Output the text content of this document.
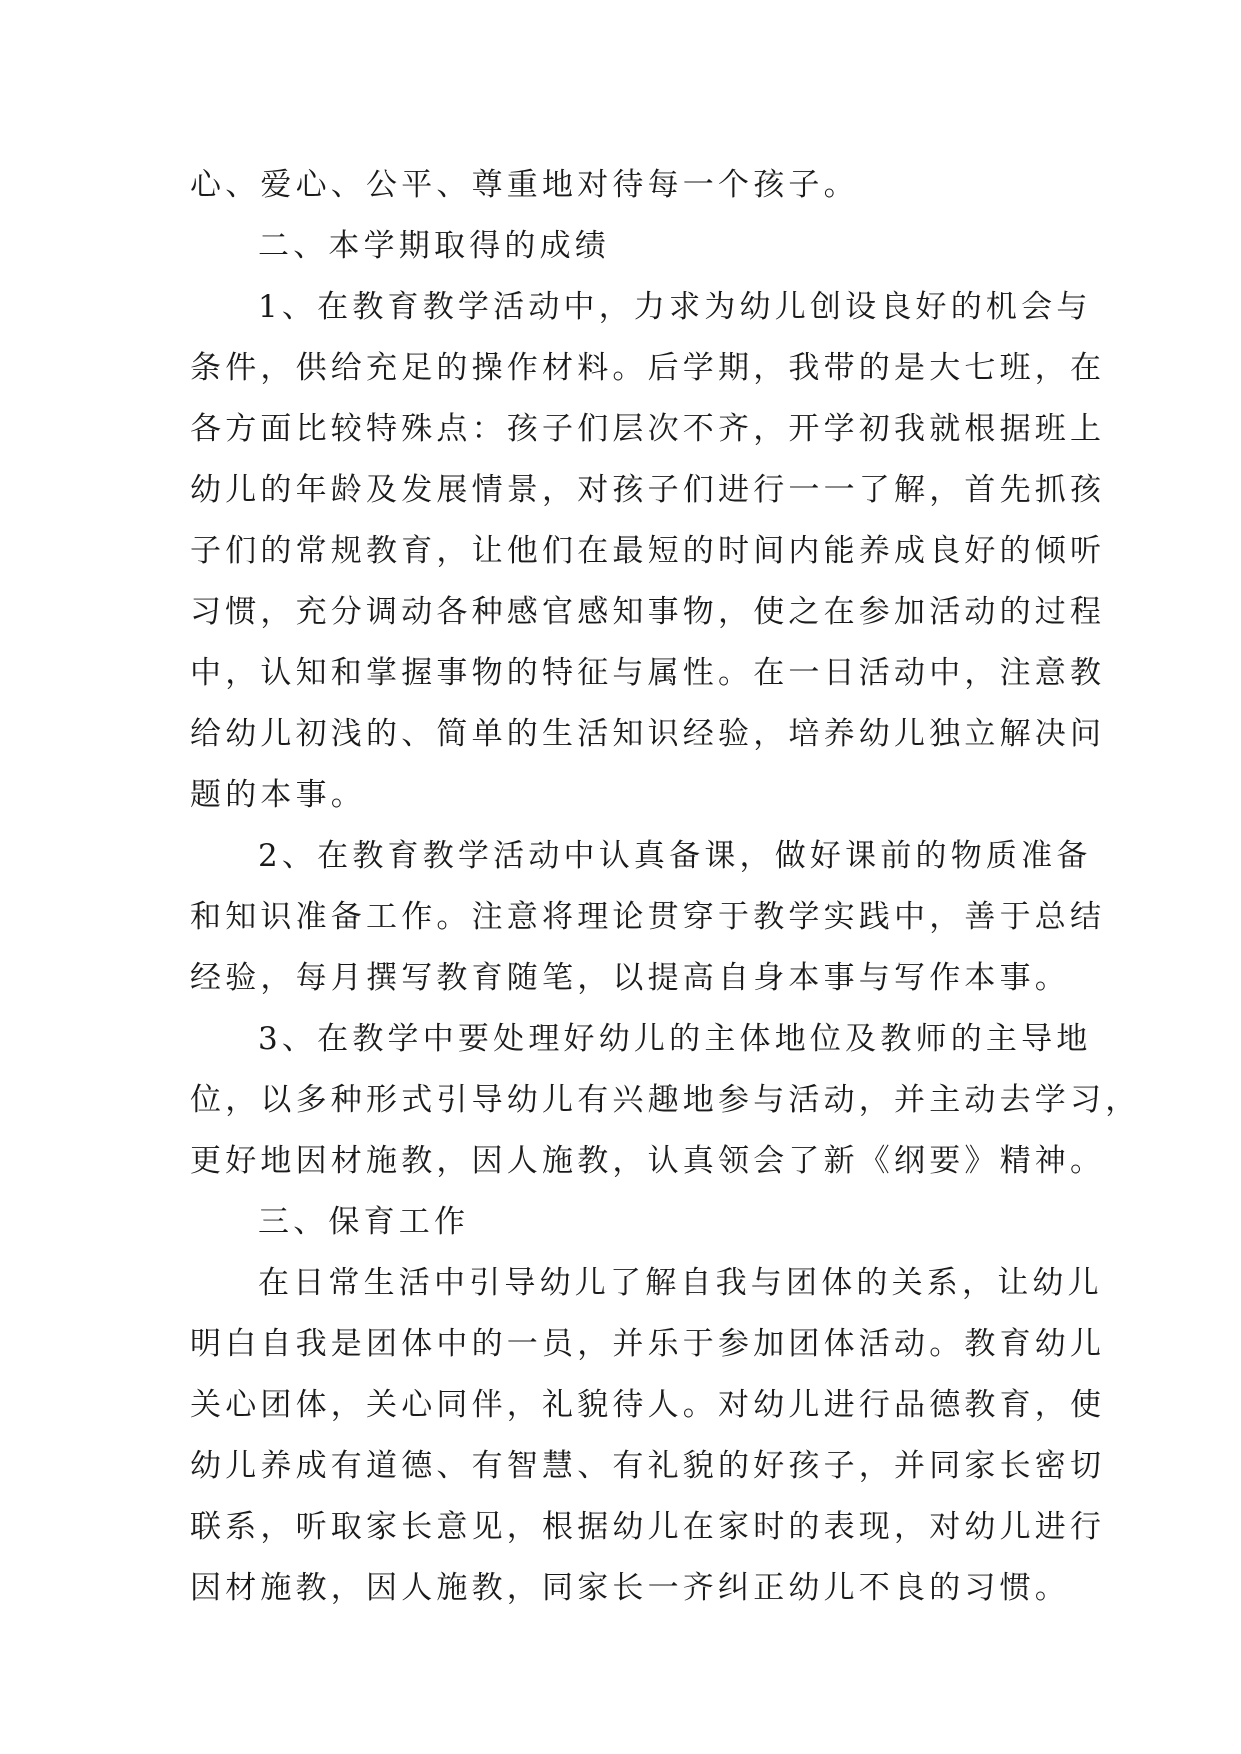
心、爱心、公平、尊重地对待每一个孩子。
二、本学期取得的成绩
1、在教育教学活动中，力求为幼儿创设良好的机会与
条件，供给充足的操作材料。后学期，我带的是大七班，在
各方面比较特殊点：孩子们层次不齐，开学初我就根据班上
幼儿的年龄及发展情景，对孩子们进行一一了解，首先抓孩
子们的常规教育，让他们在最短的时间内能养成良好的倾听
习惯，充分调动各种感官感知事物，使之在参加活动的过程
中，认知和掌握事物的特征与属性。在一日活动中，注意教
给幼儿初浅的、简单的生活知识经验，培养幼儿独立解决问
题的本事。
2、在教育教学活动中认真备课，做好课前的物质准备
和知识准备工作。注意将理论贯穿于教学实践中，善于总结
经验，每月撰写教育随笔，以提高自身本事与写作本事。
3、在教学中要处理好幼儿的主体地位及教师的主导地
位，以多种形式引导幼儿有兴趣地参与活动，并主动去学习，
更好地因材施教，因人施教，认真领会了新《纲要》精神。
三、保育工作
在日常生活中引导幼儿了解自我与团体的关系，让幼儿
明白自我是团体中的一员，并乐于参加团体活动。教育幼儿
关心团体，关心同伴，礼貌待人。对幼儿进行品德教育，使
幼儿养成有道德、有智慧、有礼貌的好孩子，并同家长密切
联系，听取家长意见，根据幼儿在家时的表现，对幼儿进行
因材施教，因人施教，同家长一齐纠正幼儿不良的习惯。
